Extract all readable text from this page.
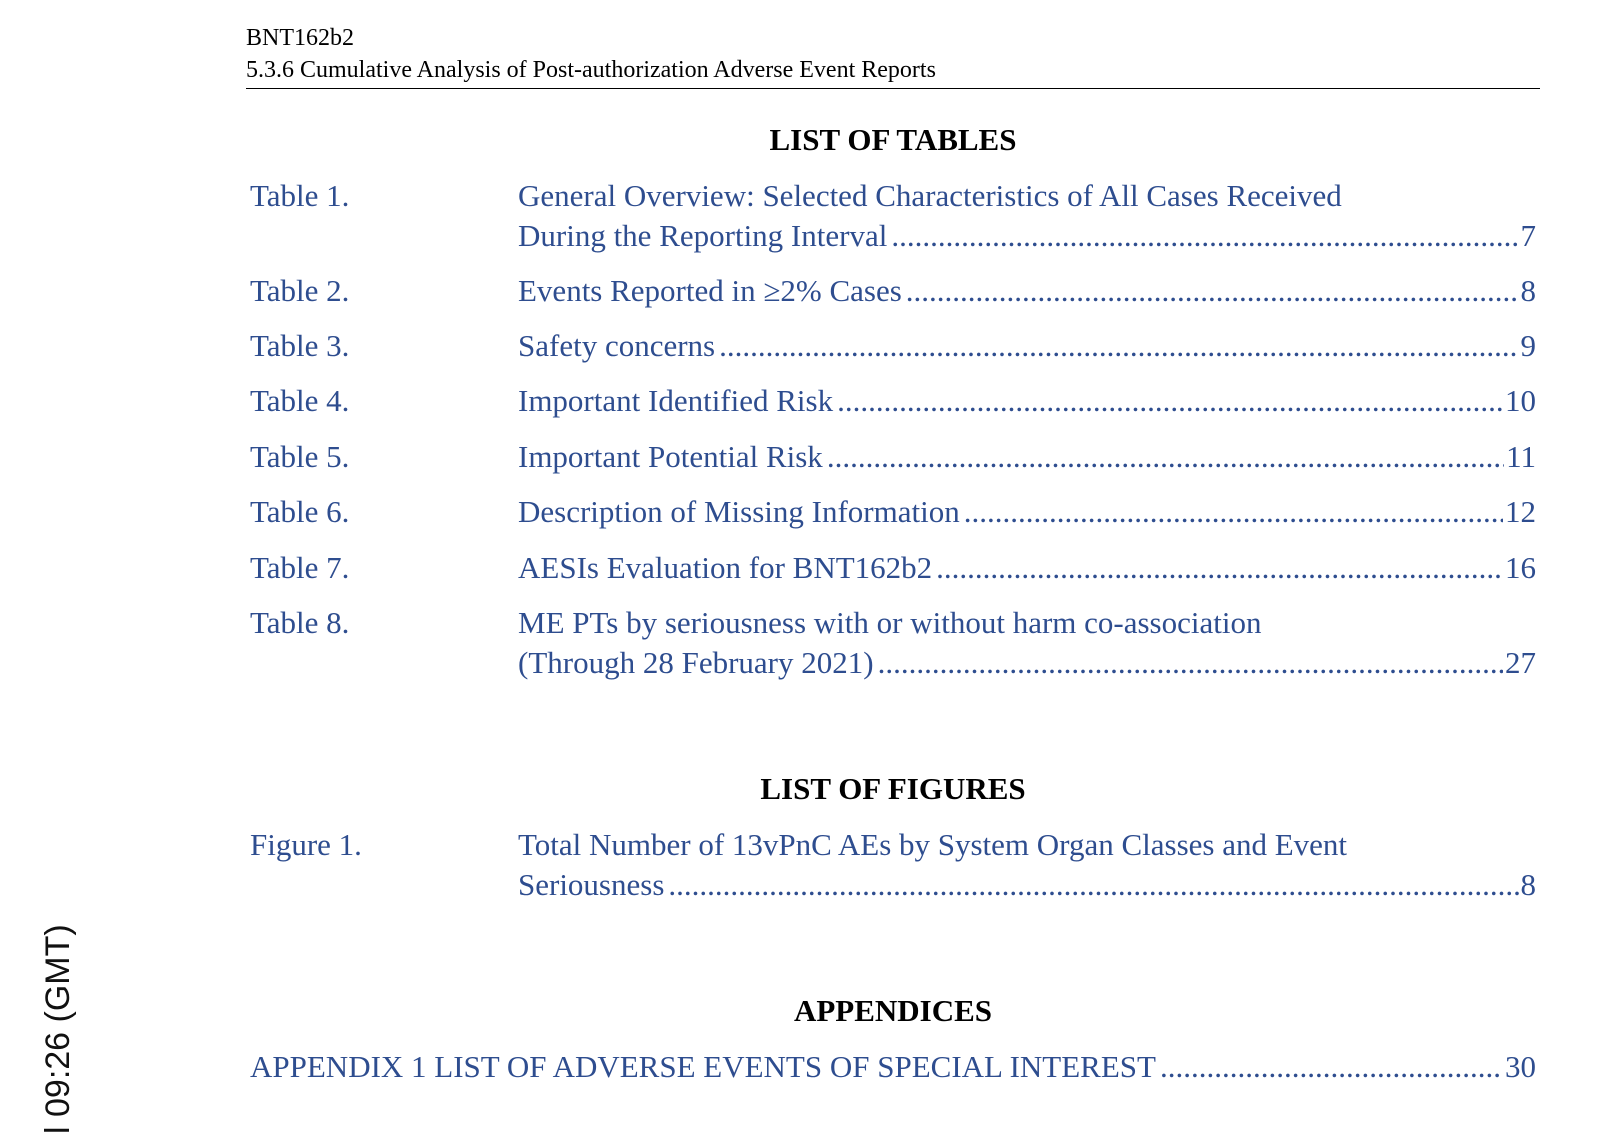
BNT162b2
5.3.6 Cumulative Analysis of Post-authorization Adverse Event Reports
LIST OF TABLES
Table 1.	General Overview: Selected Characteristics of All Cases Received
During the Reporting Interval .....	7
Table 2.	Events Reported in ≥2% Cases .....	8
Table 3.	Safety concerns .....	9
Table 4.	Important Identified Risk .....	10
Table 5.	Important Potential Risk .....	11
Table 6.	Description of Missing Information .....	12
Table 7.	AESIs Evaluation for BNT162b2 .....	16
Table 8.	ME PTs by seriousness with or without harm co-association
(Through 28 February 2021) .....	27
LIST OF FIGURES
Figure 1.	Total Number of 13vPnC AEs by System Organ Classes and Event
Seriousness .....	8
APPENDICES
APPENDIX 1 LIST OF ADVERSE EVENTS OF SPECIAL INTEREST .....	30
l 09:26 (GMT)
